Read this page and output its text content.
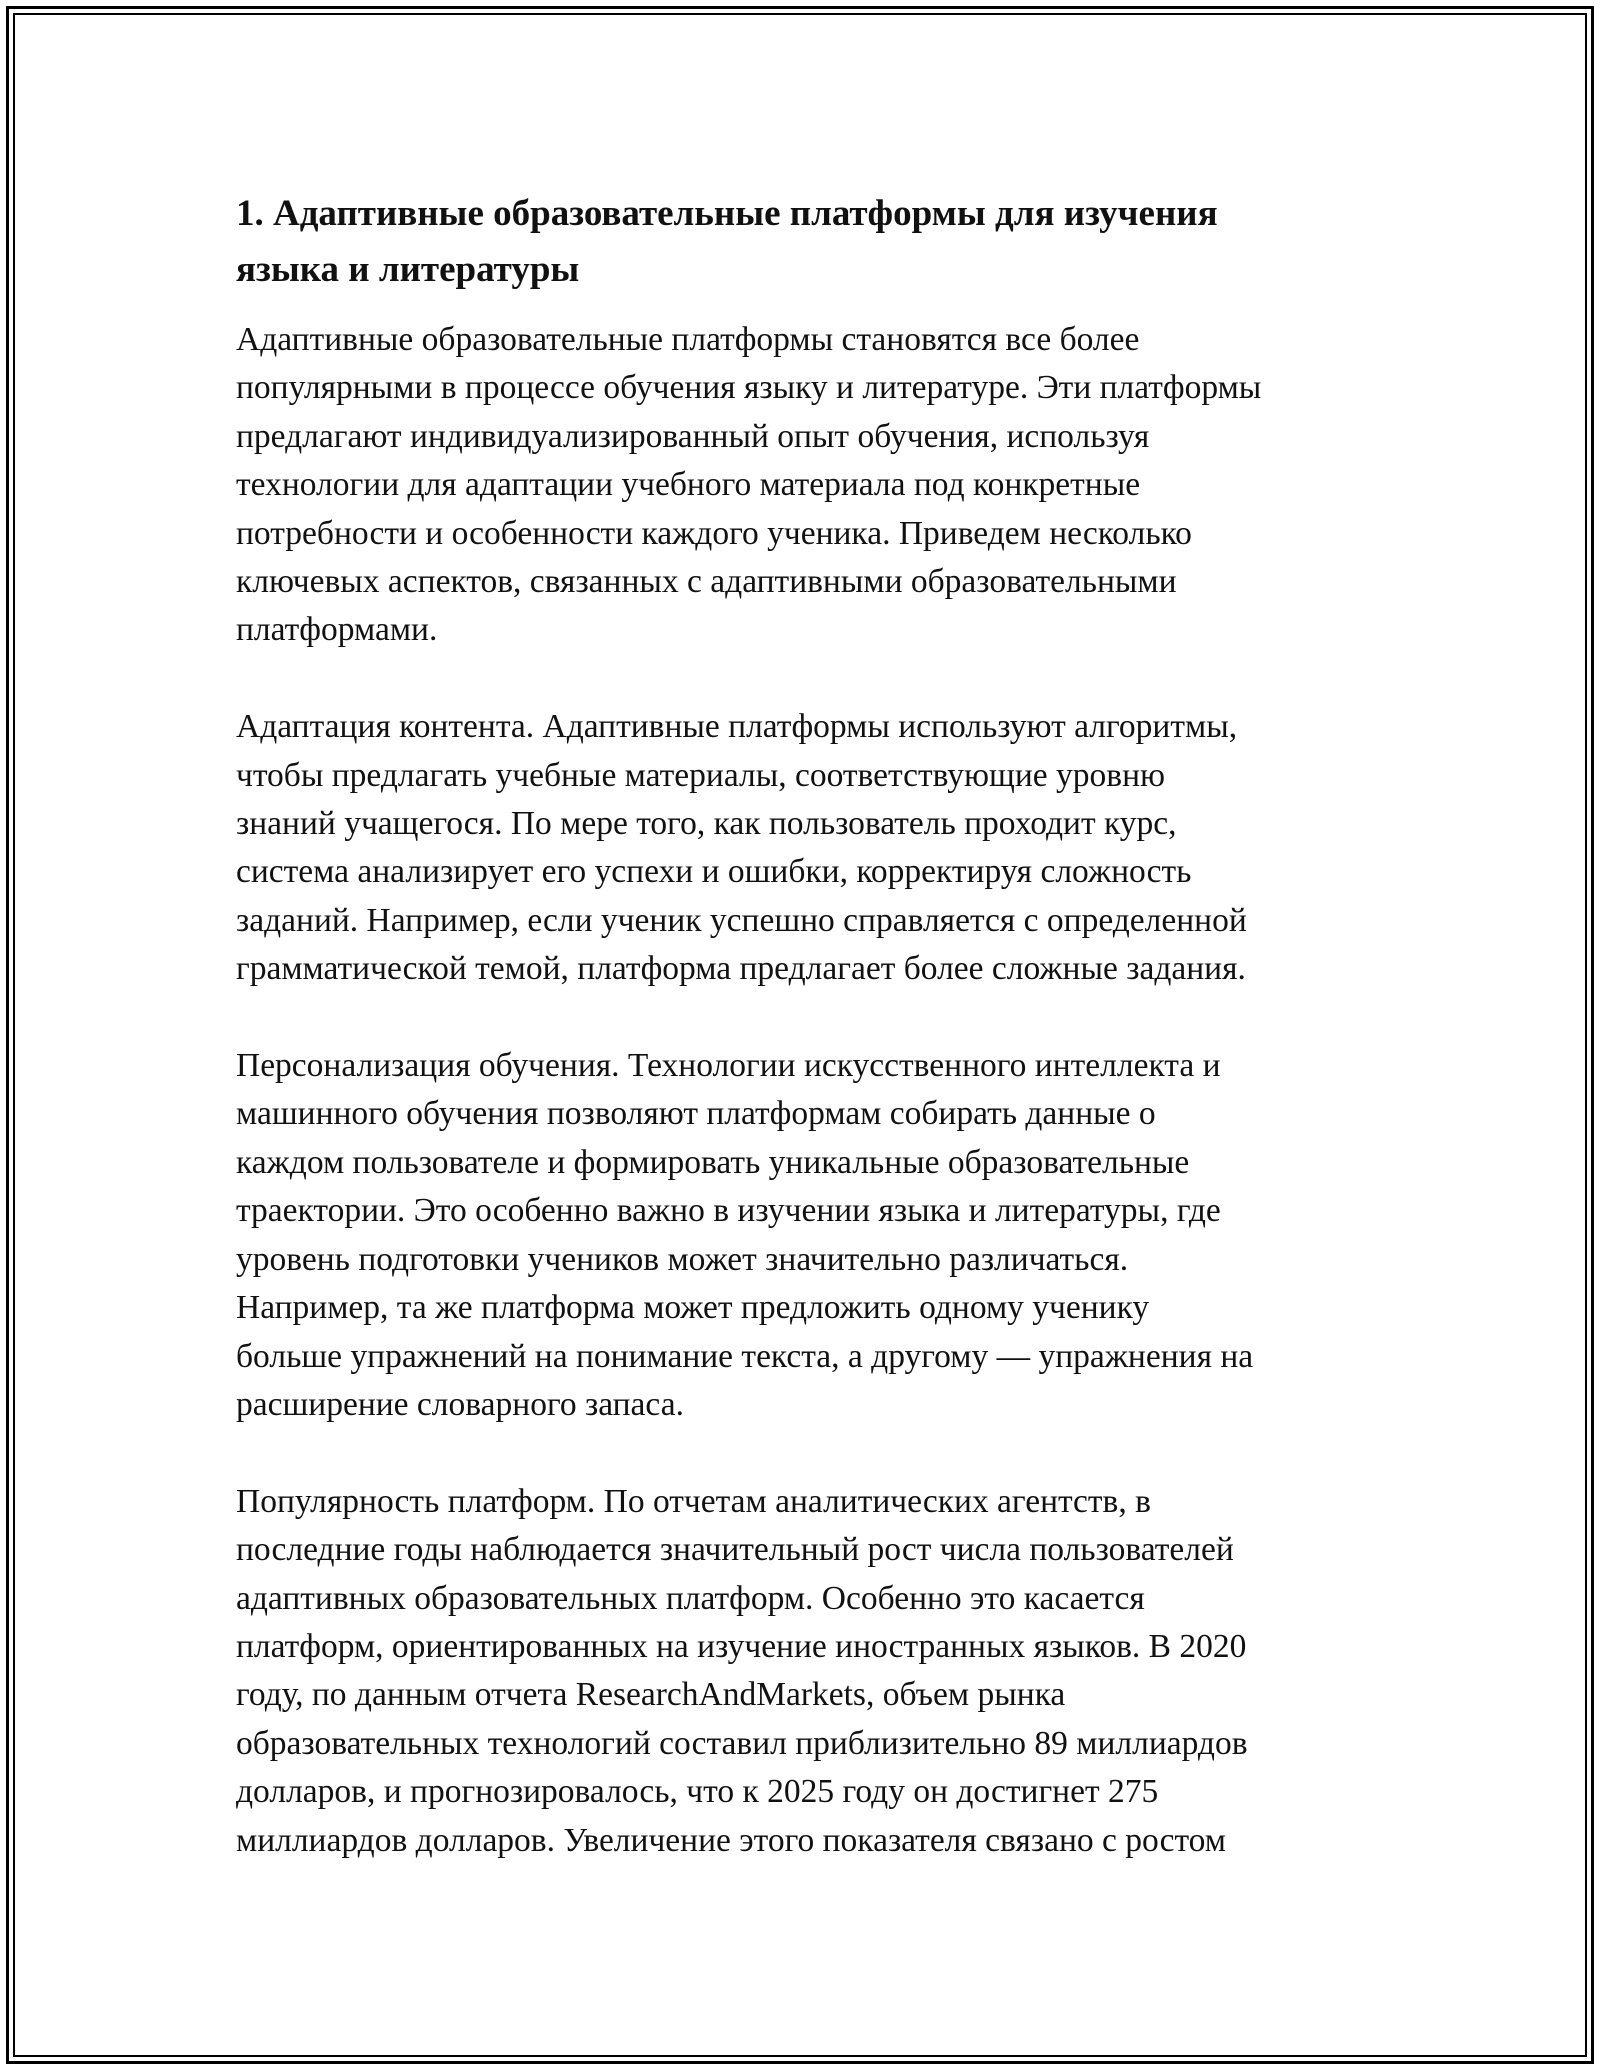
1. Адаптивные образовательные платформы для изучения
языка и литературы

Адаптивные образовательные платформы становятся все более
популярными в процессе обучения языку и литературе. Эти платформы
предлагают индивидуализированный опыт обучения, используя
технологии для адаптации учебного материала под конкретные
потребности и особенности каждого ученика. Приведем несколько
ключевых аспектов, связанных с адаптивными образовательными
платформами.

Адаптация контента. Адаптивные платформы используют алгоритмы,
чтобы предлагать учебные материалы, соответствующие уровню
знаний учащегося. По мере того, как пользователь проходит курс,
система анализирует его успехи и ошибки, корректируя сложность
заданий. Например, если ученик успешно справляется с определенной
грамматической темой, платформа предлагает более сложные задания.

Персонализация обучения. Технологии искусственного интеллекта и
машинного обучения позволяют платформам собирать данные о
каждом пользователе и формировать уникальные образовательные
траектории. Это особенно важно в изучении языка и литературы, где
уровень подготовки учеников может значительно различаться.
Например, та же платформа может предложить одному ученику
больше упражнений на понимание текста, а другому — упражнения на
расширение словарного запаса.

Популярность платформ. По отчетам аналитических агентств, в
последние годы наблюдается значительный рост числа пользователей
адаптивных образовательных платформ. Особенно это касается
платформ, ориентированных на изучение иностранных языков. В 2020
году, по данным отчета ResearchAndMarkets, объем рынка
образовательных технологий составил приблизительно 89 миллиардов
долларов, и прогнозировалось, что к 2025 году он достигнет 275
миллиардов долларов. Увеличение этого показателя связано с ростом
